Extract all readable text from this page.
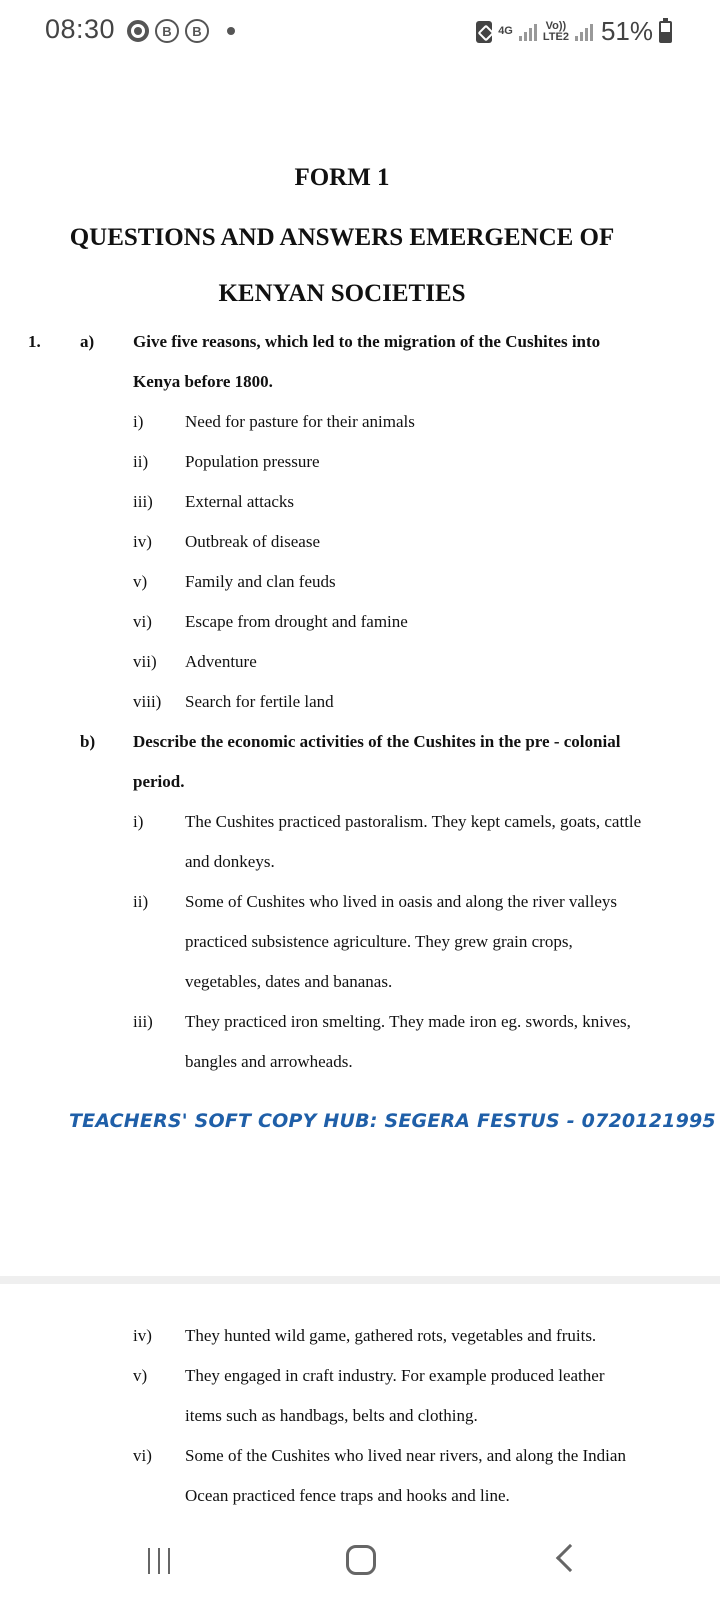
08:30	B	B	4G	Vo))
LTE2 51%
FORM 1
QUESTIONS AND ANSWERS EMERGENCE OF
KENYAN SOCIETIES
1. a) Give five reasons, which led to the migration of the Cushites into
Kenya before 1800.
i) Need for pasture for their animals
ii) Population pressure
iii) External attacks
iv) Outbreak of disease
v) Family and clan feuds
vi) Escape from drought and famine
vii) Adventure
viii) Search for fertile land
b) Describe the economic activities of the Cushites in the pre - colonial
period.
i) The Cushites practiced pastoralism. They kept camels, goats, cattle
and donkeys.
ii) Some of Cushites who lived in oasis and along the river valleys
practiced subsistence agriculture. They grew grain crops,
vegetables, dates and bananas.
iii) They practiced iron smelting. They made iron eg. swords, knives,
bangles and arrowheads.
TEACHERS' SOFT COPY HUB: SEGERA FESTUS - 0720121995
iv) They hunted wild game, gathered rots, vegetables and fruits.
v) They engaged in craft industry. For example produced leather
items such as handbags, belts and clothing.
vi) Some of the Cushites who lived near rivers, and along the Indian
Ocean practiced fence traps and hooks and line.
